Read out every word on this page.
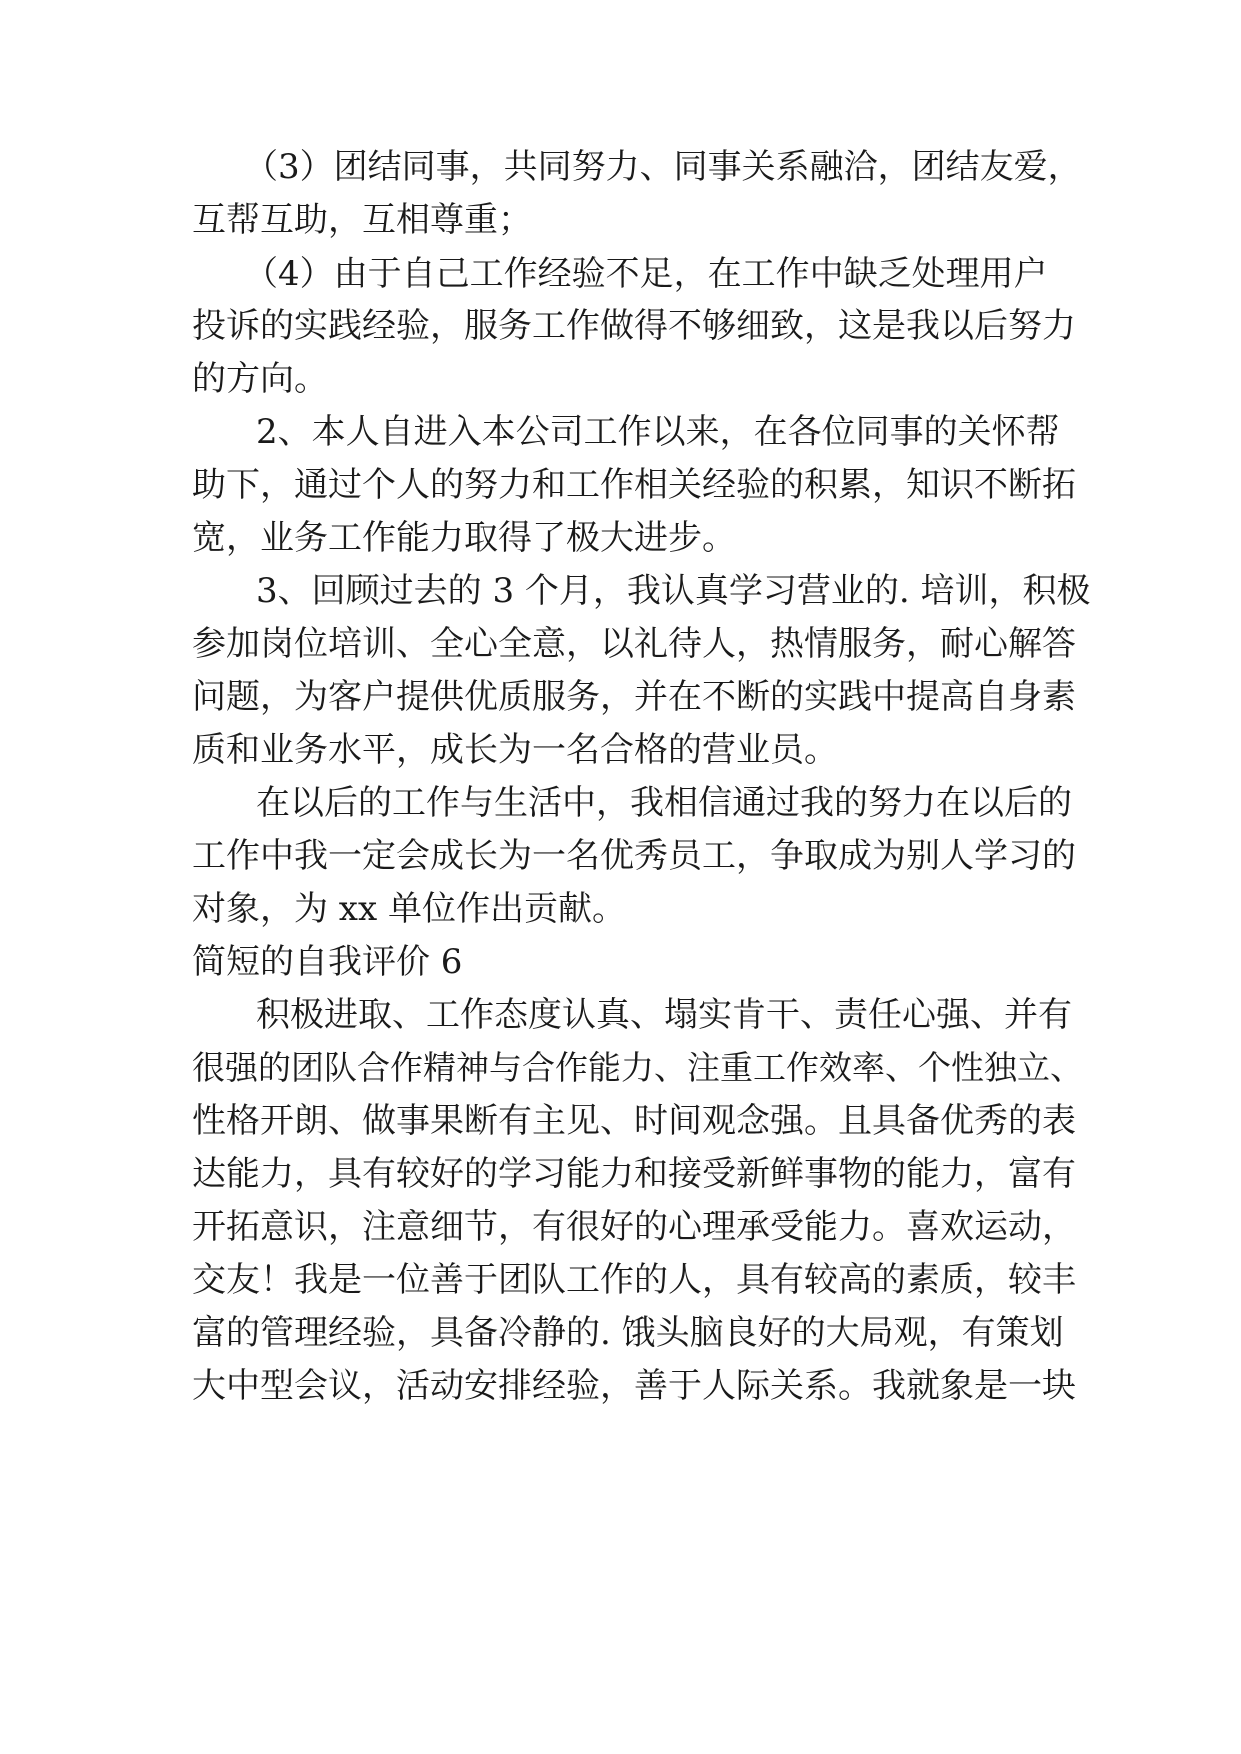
（3）团结同事，共同努力、同事关系融洽，团结友爱，
互帮互助，互相尊重；
（4）由于自己工作经验不足，在工作中缺乏处理用户
投诉的实践经验，服务工作做得不够细致，这是我以后努力
的方向。
2、本人自进入本公司工作以来，在各位同事的关怀帮
助下，通过个人的努力和工作相关经验的积累，知识不断拓
宽，业务工作能力取得了极大进步。
3、回顾过去的 3 个月，我认真学习营业的. 培训，积极
参加岗位培训、全心全意，以礼待人，热情服务，耐心解答
问题，为客户提供优质服务，并在不断的实践中提高自身素
质和业务水平，成长为一名合格的营业员。
在以后的工作与生活中，我相信通过我的努力在以后的
工作中我一定会成长为一名优秀员工，争取成为别人学习的
对象，为 xx 单位作出贡献。
简短的自我评价 6
积极进取、工作态度认真、塌实肯干、责任心强、并有
很强的团队合作精神与合作能力、注重工作效率、个性独立、
性格开朗、做事果断有主见、时间观念强。且具备优秀的表
达能力，具有较好的学习能力和接受新鲜事物的能力，富有
开拓意识，注意细节，有很好的心理承受能力。喜欢运动，
交友！我是一位善于团队工作的人，具有较高的素质，较丰
富的管理经验，具备冷静的. 饿头脑良好的大局观，有策划
大中型会议，活动安排经验，善于人际关系。我就象是一块
